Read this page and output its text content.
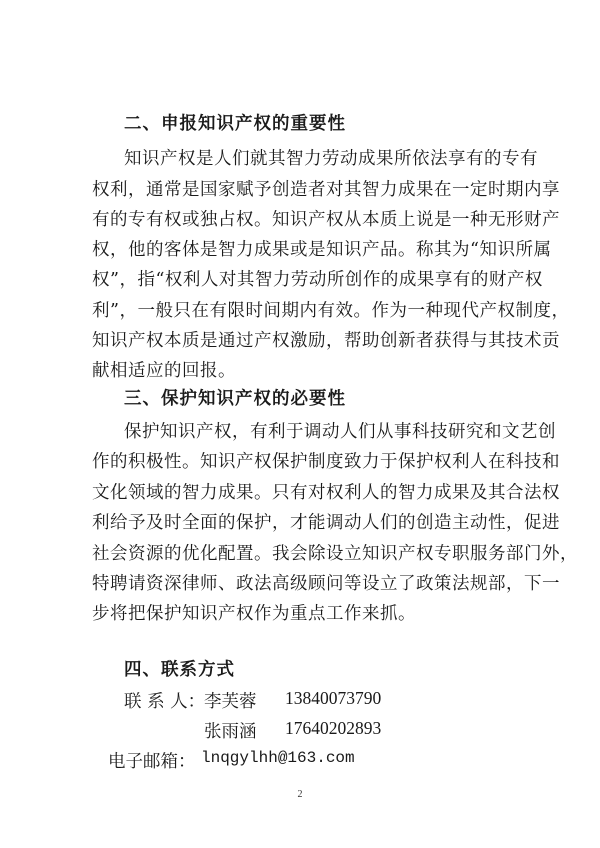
二、申报知识产权的重要性
知识产权是人们就其智力劳动成果所依法享有的专有
权利，通常是国家赋予创造者对其智力成果在一定时期内享
有的专有权或独占权。知识产权从本质上说是一种无形财产
权，他的客体是智力成果或是知识产品。称其为“知识所属
权”，指“权利人对其智力劳动所创作的成果享有的财产权
利”，一般只在有限时间期内有效。作为一种现代产权制度，
知识产权本质是通过产权激励，帮助创新者获得与其技术贡
献相适应的回报。
三、保护知识产权的必要性
保护知识产权，有利于调动人们从事科技研究和文艺创
作的积极性。知识产权保护制度致力于保护权利人在科技和
文化领域的智力成果。只有对权利人的智力成果及其合法权
利给予及时全面的保护，才能调动人们的创造主动性，促进
社会资源的优化配置。我会除设立知识产权专职服务部门外，
特聘请资深律师、政法高级顾问等设立了政策法规部，下一
步将把保护知识产权作为重点工作来抓。
四、联系方式
联 系 人：
李芙蓉 13840073790
张雨涵 17640202893
电子邮箱： lnqgylhh@163.com
2
